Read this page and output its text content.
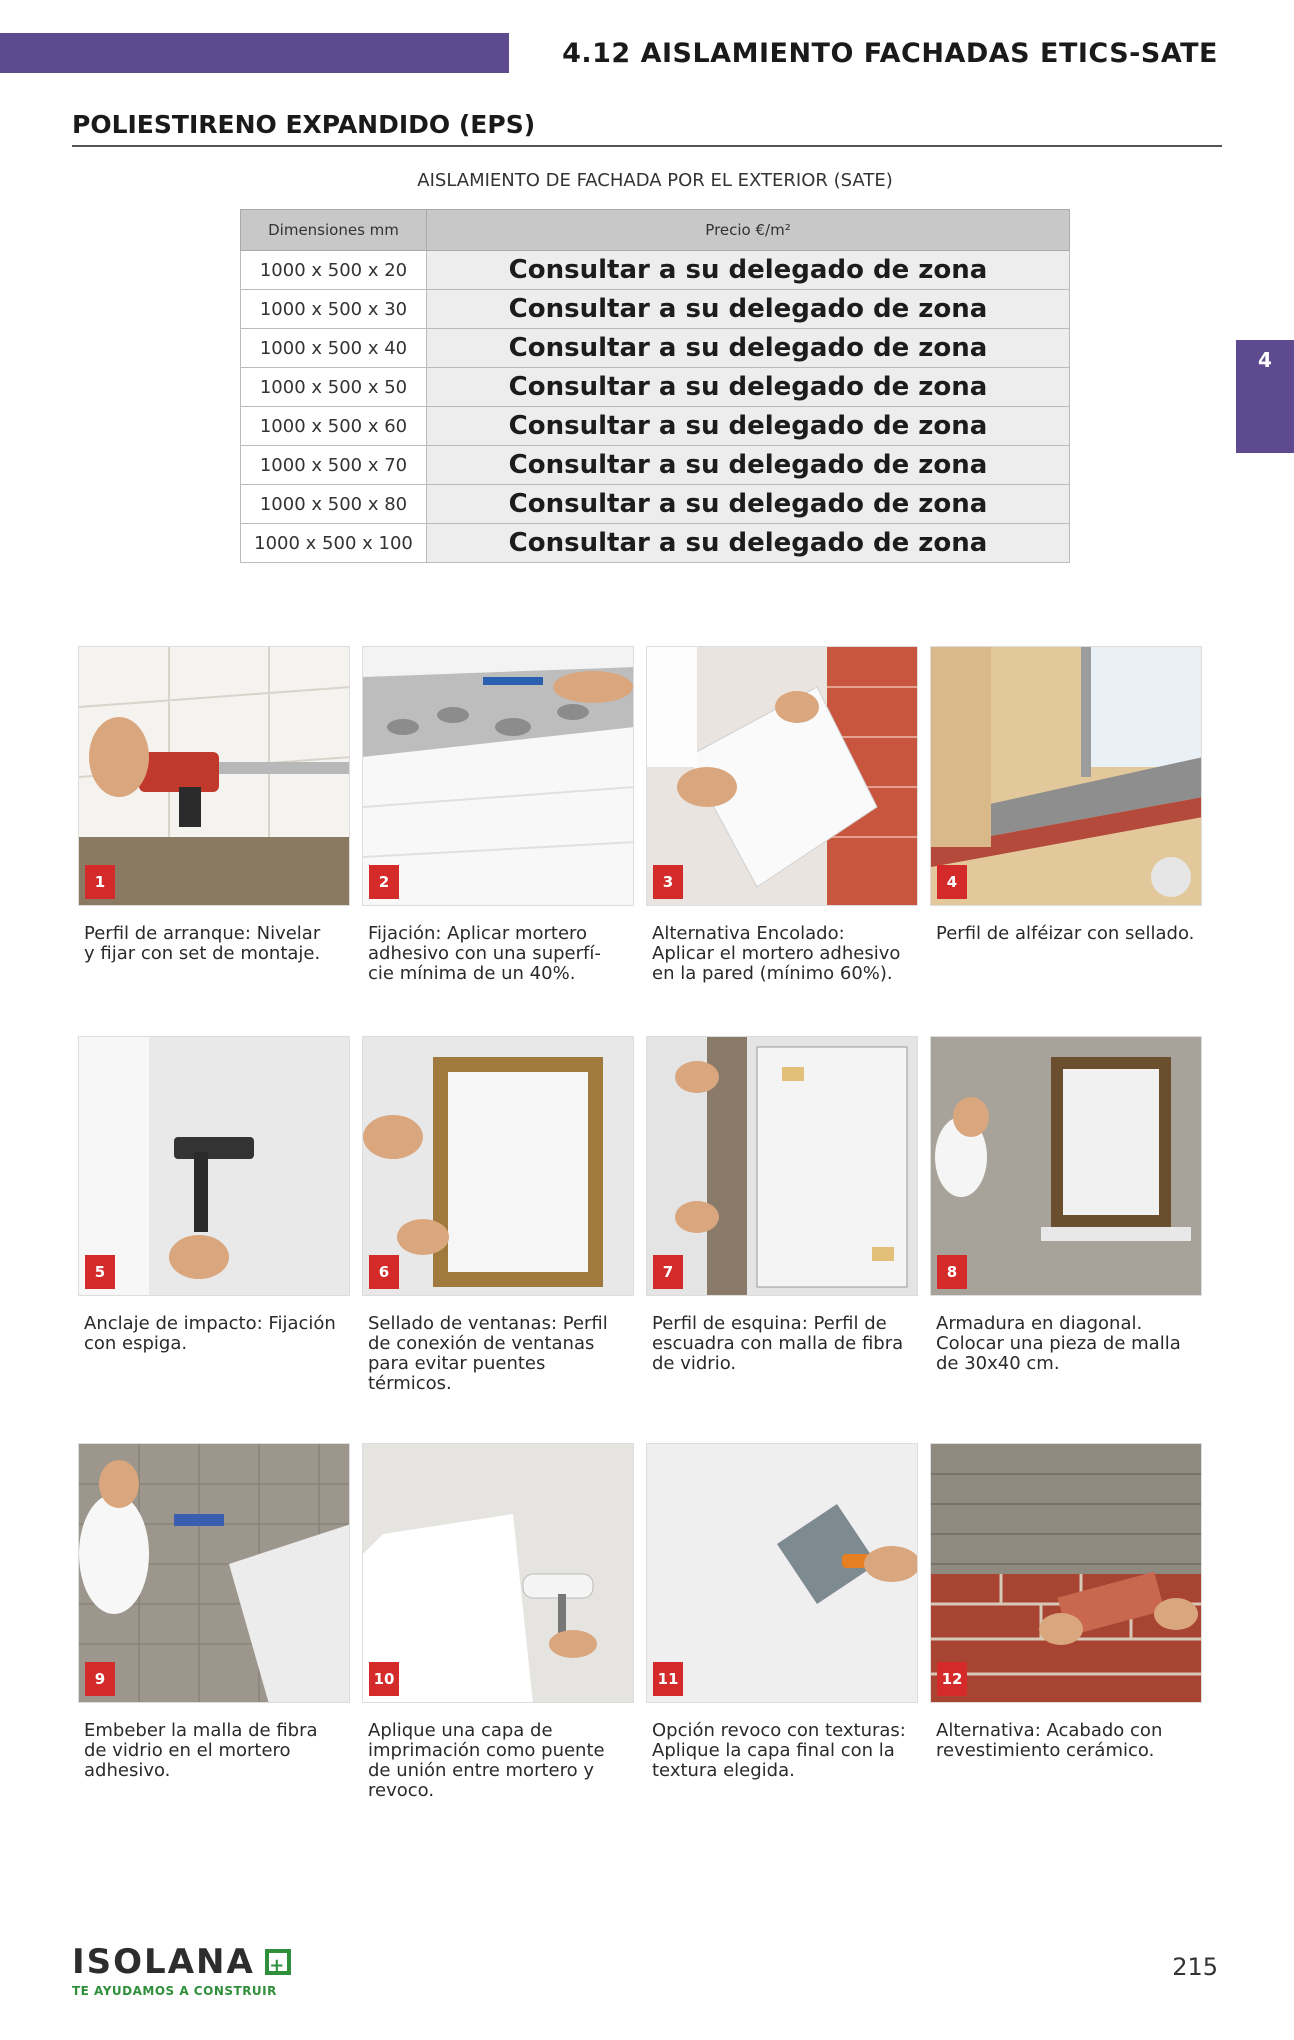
4.12 AISLAMIENTO FACHADAS ETICS-SATE
4
POLIESTIRENO EXPANDIDO (EPS)
AISLAMIENTO DE FACHADA POR EL EXTERIOR (SATE)
Dimensiones mm	Precio €/m²
1000 x 500 x 20	Consultar a su delegado de zona
1000 x 500 x 30	Consultar a su delegado de zona
1000 x 500 x 40	Consultar a su delegado de zona
1000 x 500 x 50	Consultar a su delegado de zona
1000 x 500 x 60	Consultar a su delegado de zona
1000 x 500 x 70	Consultar a su delegado de zona
1000 x 500 x 80	Consultar a su delegado de zona
1000 x 500 x 100	Consultar a su delegado de zona
1
Perfil de arranque: Nivelar
y fijar con set de montaje.
2
Fijación: Aplicar mortero
adhesivo con una superfí-
cie mínima de un 40%.
3
Alternativa Encolado:
Aplicar el mortero adhesivo
en la pared (mínimo 60%).
4
Perfil de alféizar con sellado.
5
Anclaje de impacto: Fijación
con espiga.
6
Sellado de ventanas: Perfil
de conexión de ventanas
para evitar puentes
térmicos.
7
Perfil de esquina: Perfil de
escuadra con malla de fibra
de vidrio.
8
Armadura en diagonal.
Colocar una pieza de malla
de 30x40 cm.
9
Embeber la malla de fibra
de vidrio en el mortero
adhesivo.
10
Aplique una capa de
imprimación como puente
de unión entre mortero y
revoco.
11
Opción revoco con texturas:
Aplique la capa final con la
textura elegida.
12
Alternativa: Acabado con
revestimiento cerámico.
ISOLANA +
TE AYUDAMOS A CONSTRUIR
215
